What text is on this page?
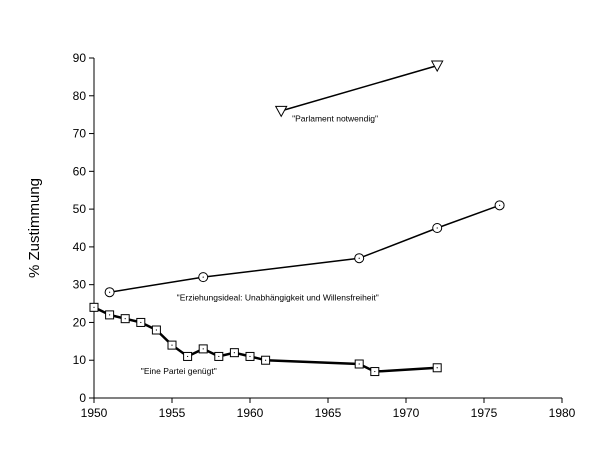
0
10
20
30
40
50
60
70
80
90
1950	1955	1960	1965	1970	1975	1980
"Parlament notwendig"
"Erziehungsideal: Unabhängigkeit und Willensfreiheit"
"Eine Partei genügt"
% Zustimmung
